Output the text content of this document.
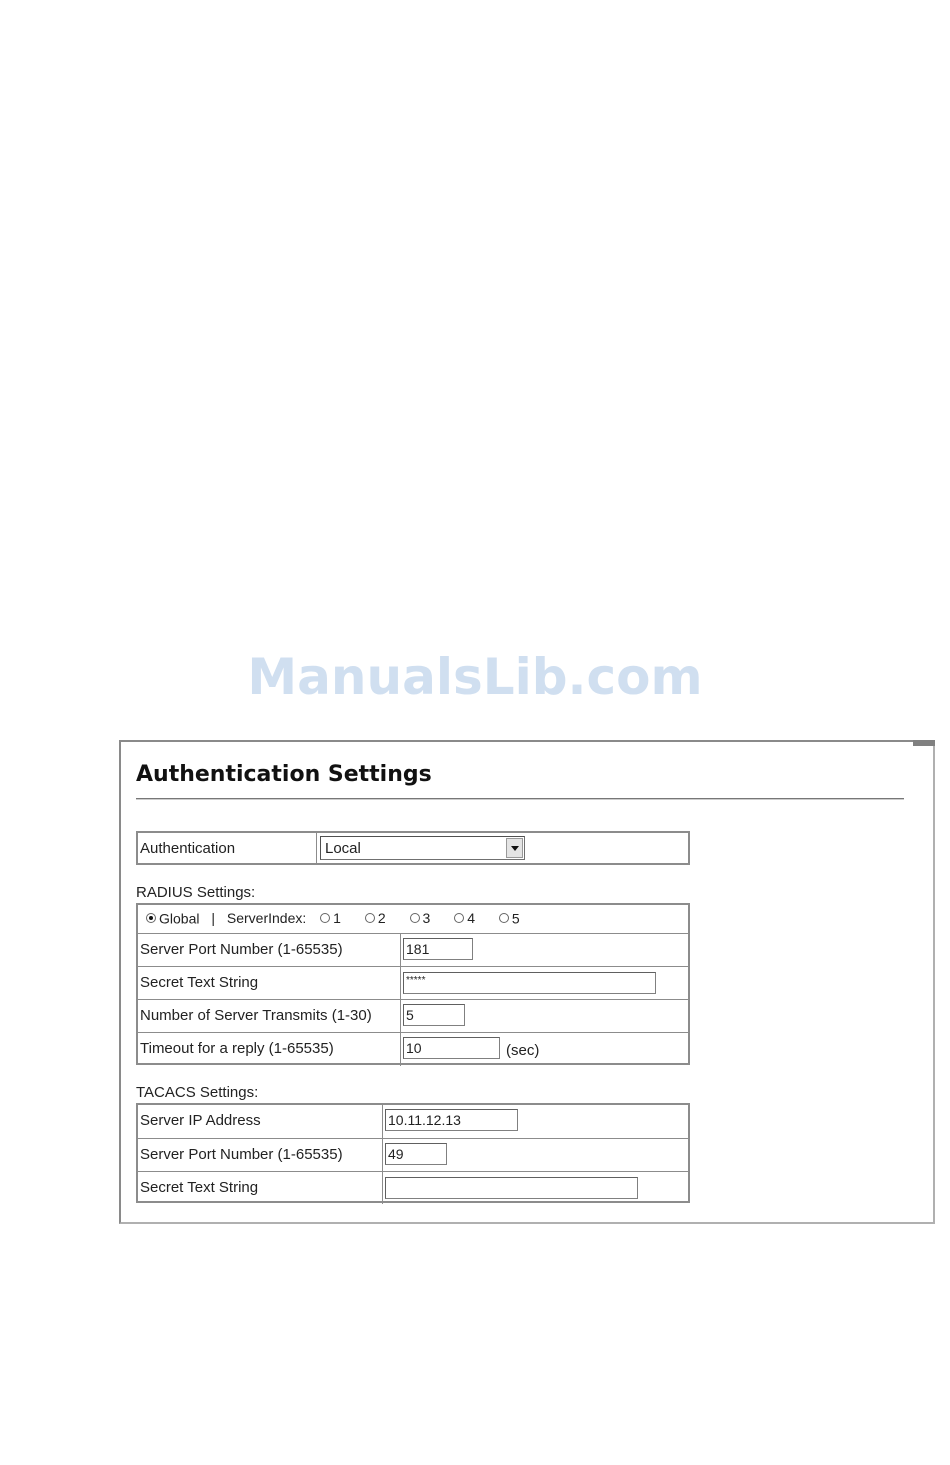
ManualsLib.com
Authentication Settings
Authentication	Local
RADIUS Settings:
Global | ServerIndex: 1	2	3	4	5
Server Port Number (1-65535)	181
Secret Text String	*****
Number of Server Transmits (1-30) 5
Timeout for a reply (1-65535)	10	(sec)
TACACS Settings:
Server IP Address	10.11.12.13
Server Port Number (1-65535)	49
Secret Text String
